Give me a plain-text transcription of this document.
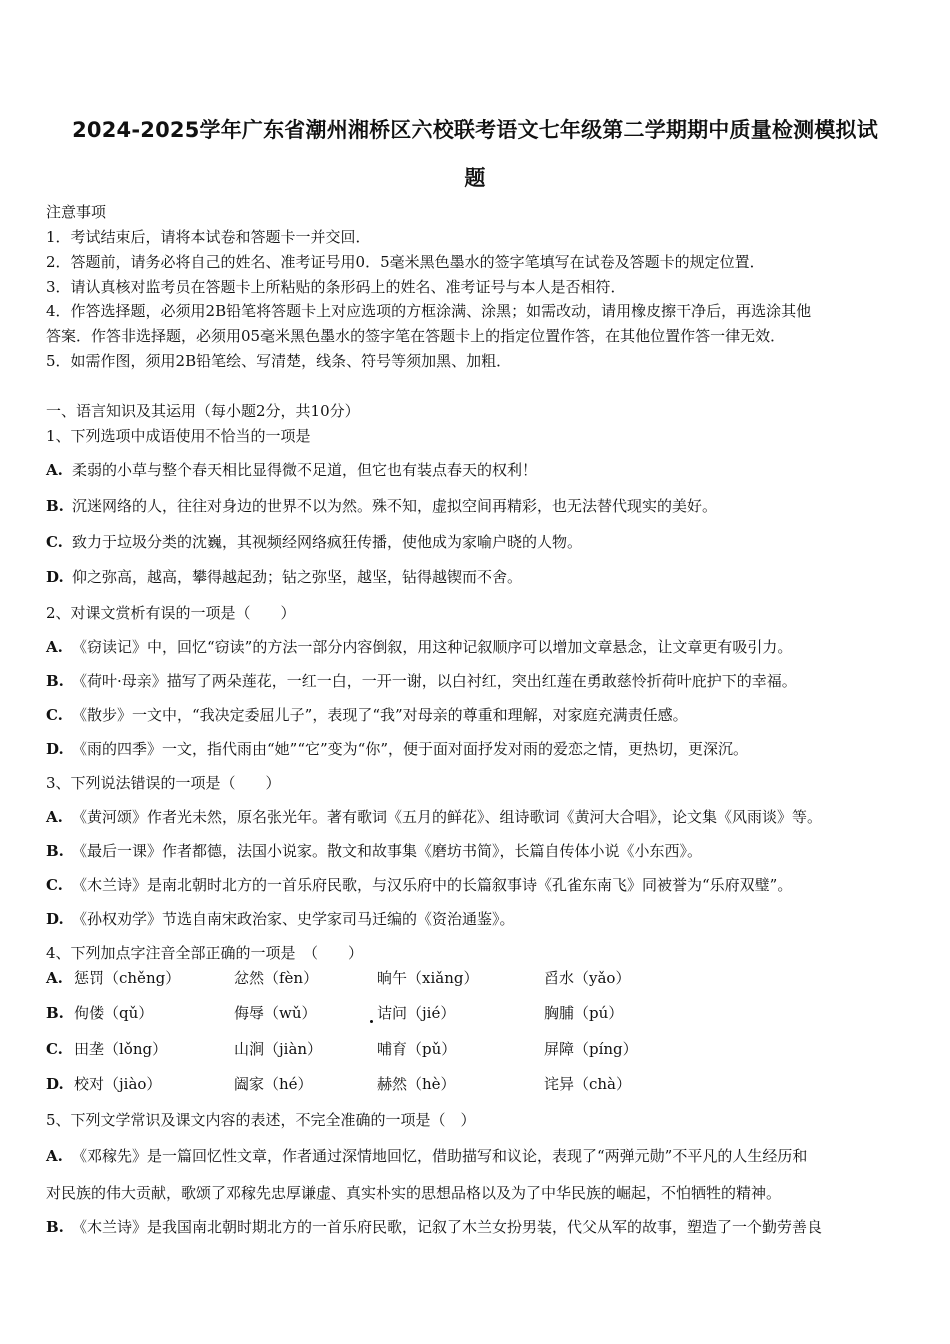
2024-2025学年广东省潮州湘桥区六校联考语文七年级第二学期期中质量检测模拟试
题
注意事项
1．考试结束后，请将本试卷和答题卡一并交回．
2．答题前，请务必将自己的姓名、准考证号用0．5毫米黑色墨水的签字笔填写在试卷及答题卡的规定位置．
3．请认真核对监考员在答题卡上所粘贴的条形码上的姓名、准考证号与本人是否相符．
4．作答选择题，必须用2B铅笔将答题卡上对应选项的方框涂满、涂黑；如需改动，请用橡皮擦干净后，再选涂其他
答案．作答非选择题，必须用05毫米黑色墨水的签字笔在答题卡上的指定位置作答，在其他位置作答一律无效．
5．如需作图，须用2B铅笔绘、写清楚，线条、符号等须加黑、加粗．
一、语言知识及其运用（每小题2分，共10分）
1、下列选项中成语使用不恰当的一项是
A. 柔弱的小草与整个春天相比显得微不足道，但它也有装点春天的权利！
B. 沉迷网络的人，往往对身边的世界不以为然。殊不知，虚拟空间再精彩，也无法替代现实的美好。
C. 致力于垃圾分类的沈巍，其视频经网络疯狂传播，使他成为家喻户晓的人物。
D. 仰之弥高，越高，攀得越起劲；钻之弥坚，越坚，钻得越锲而不舍。
2、对课文赏析有误的一项是（　　）
A. 《窃读记》中，回忆“窃读”的方法一部分内容倒叙，用这种记叙顺序可以增加文章悬念，让文章更有吸引力。
B. 《荷叶·母亲》描写了两朵莲花，一红一白，一开一谢，以白衬红，突出红莲在勇敢慈怜折荷叶庇护下的幸福。
C. 《散步》一文中，“我决定委屈儿子”，表现了“我”对母亲的尊重和理解，对家庭充满责任感。
D. 《雨的四季》一文，指代雨由“她”“它”变为“你”，便于面对面抒发对雨的爱恋之情，更热切，更深沉。
3、下列说法错误的一项是（　　）
A. 《黄河颂》作者光未然，原名张光年。著有歌词《五月的鲜花》、组诗歌词《黄河大合唱》，论文集《风雨谈》等。
B. 《最后一课》作者都德，法国小说家。散文和故事集《磨坊书简》，长篇自传体小说《小东西》。
C. 《木兰诗》是南北朝时北方的一首乐府民歌，与汉乐府中的长篇叙事诗《孔雀东南飞》同被誉为“乐府双璧”。
D. 《孙权劝学》节选自南宋政治家、史学家司马迁编的《资治通鉴》。
4、下列加点字注音全部正确的一项是　（　　）
A. 惩罚（chěng）	忿然（fèn）	晌午（xiǎng）	舀水（yǎo）
B. 佝偻（qǔ）	侮辱（wǔ）	诘问（jié）	胸脯（pú）
C. 田垄（lǒng）	山涧（jiàn）	哺育（pǔ）	屏障（píng）
D. 校对（jiào）	阖家（hé）	赫然（hè）	诧异（chà）
5、下列文学常识及课文内容的表述，不完全准确的一项是（　）
A. 《邓稼先》是一篇回忆性文章，作者通过深情地回忆，借助描写和议论，表现了“两弹元勋”不平凡的人生经历和
对民族的伟大贡献，歌颂了邓稼先忠厚谦虚、真实朴实的思想品格以及为了中华民族的崛起，不怕牺牲的精神。
B. 《木兰诗》是我国南北朝时期北方的一首乐府民歌，记叙了木兰女扮男装，代父从军的故事，塑造了一个勤劳善良
